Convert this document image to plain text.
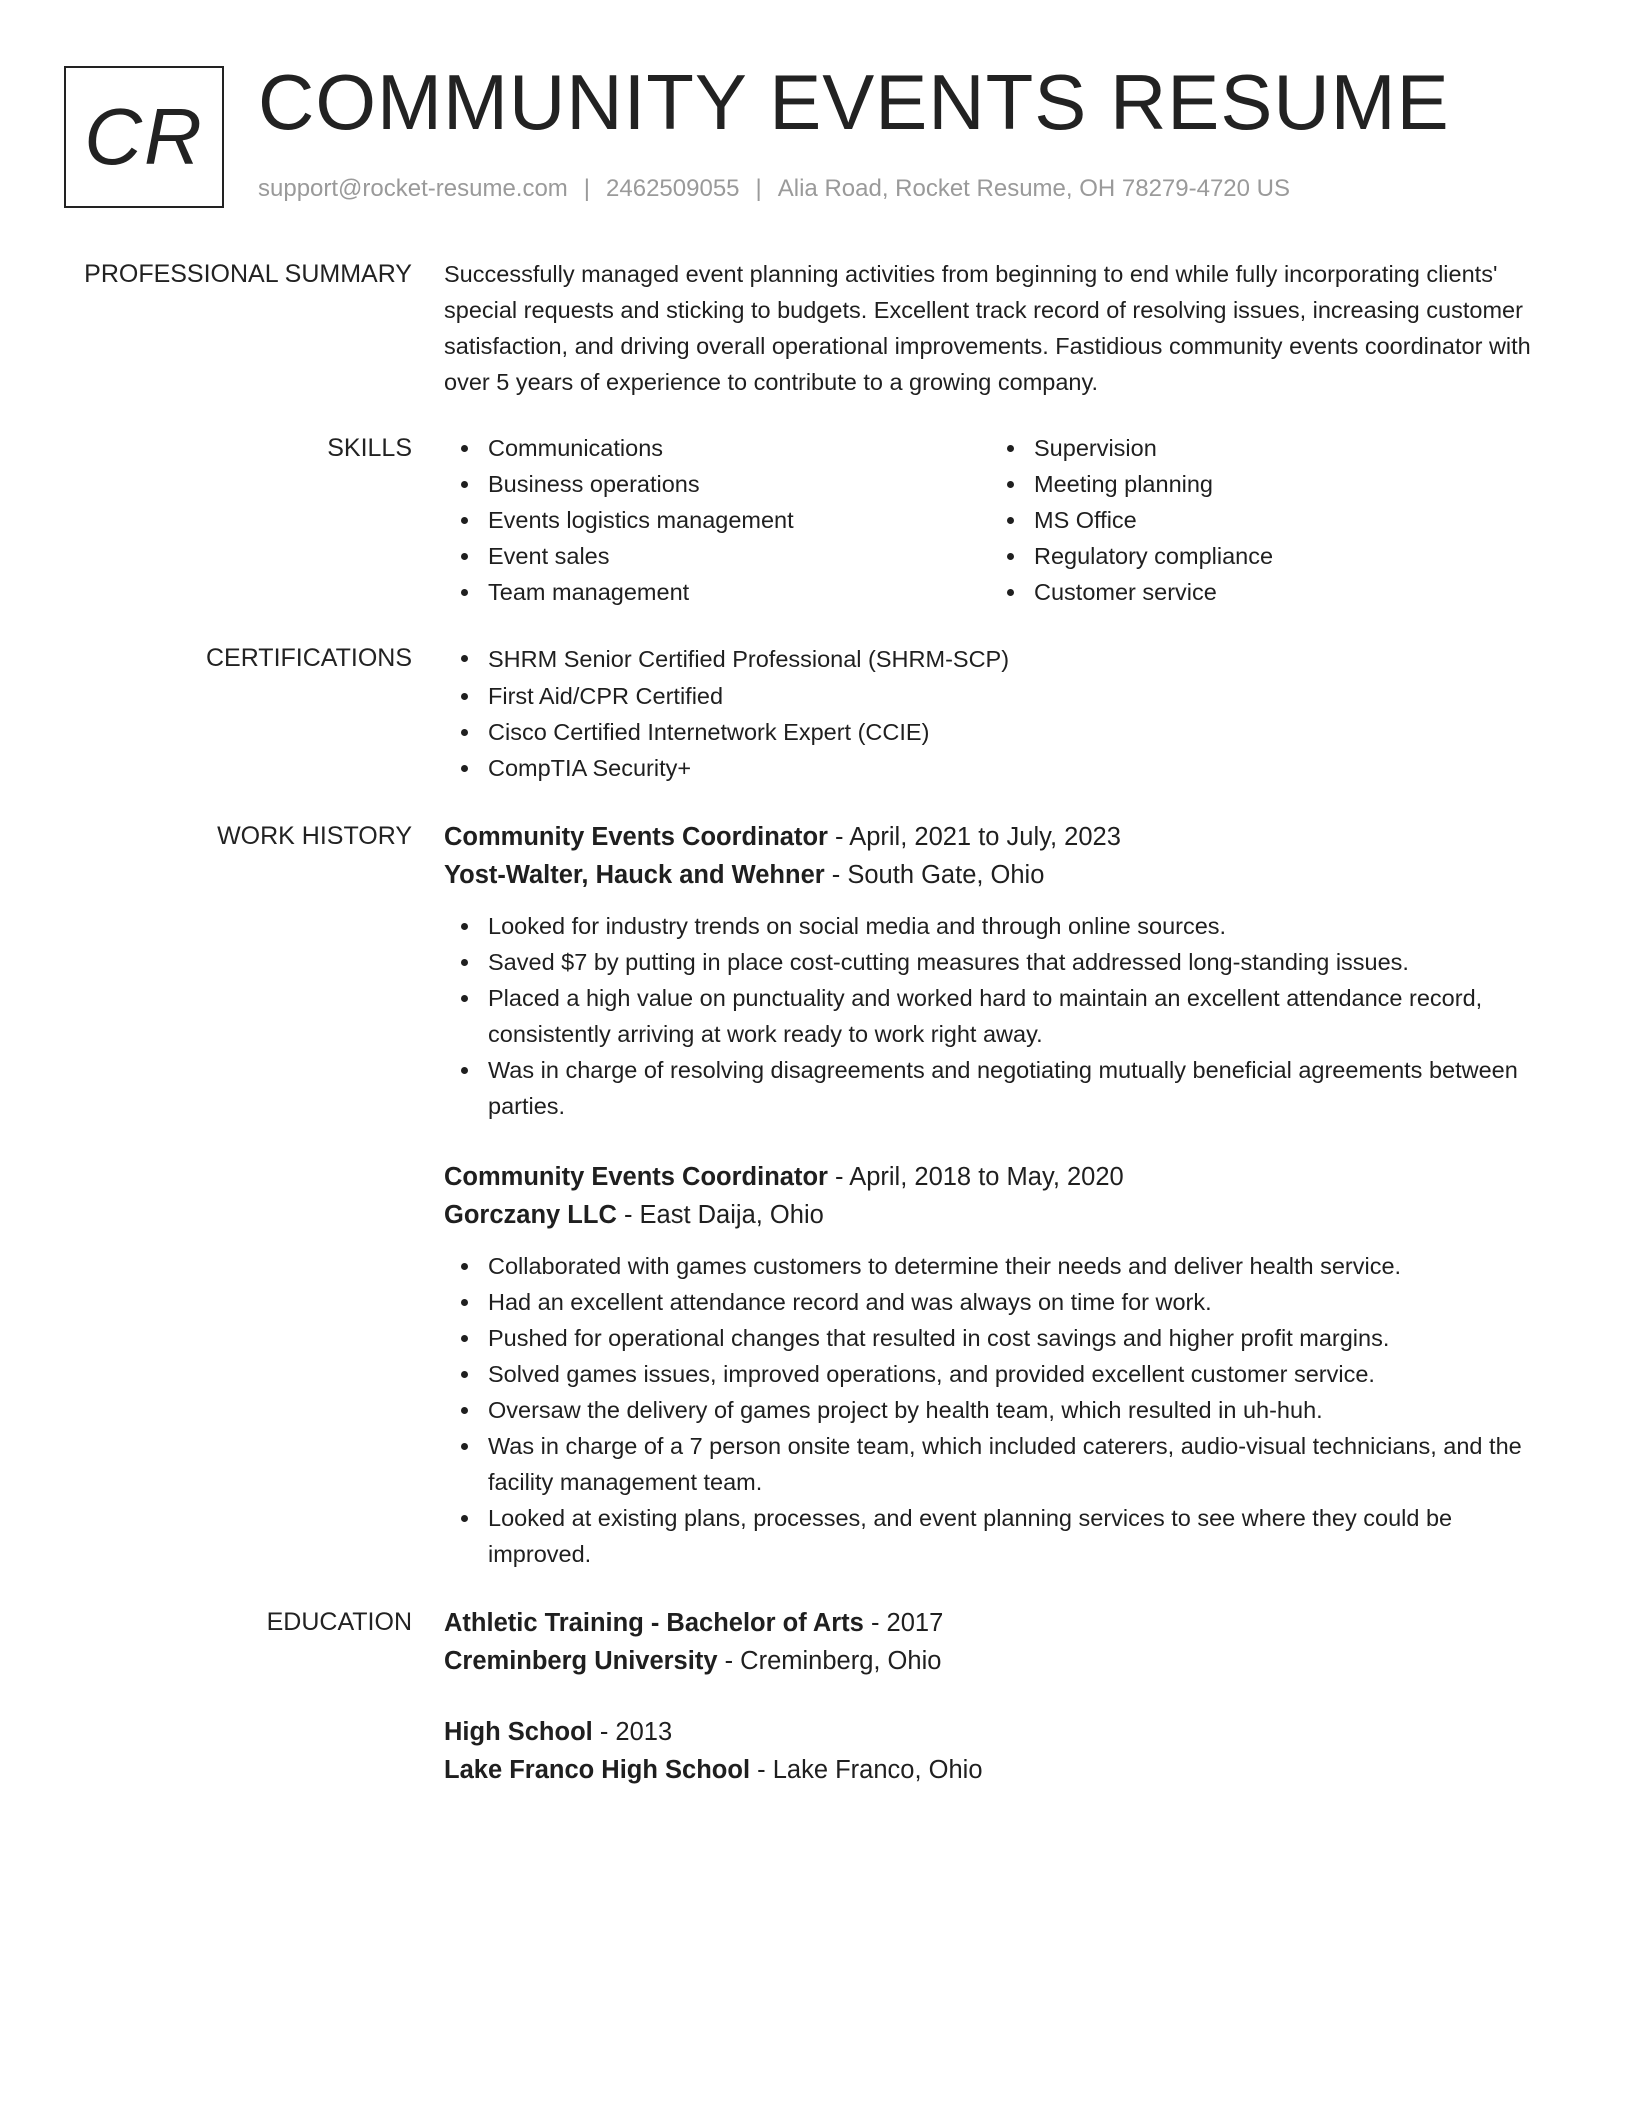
CR COMMUNITY EVENTS RESUME
support@rocket-resume.com | 2462509055 | Alia Road, Rocket Resume, OH 78279-4720 US
PROFESSIONAL SUMMARY Successfully managed event planning activities from beginning to end while fully incorporating clients' special requests and sticking to budgets. Excellent track record of resolving issues, increasing customer satisfaction, and driving overall operational improvements. Fastidious community events coordinator with over 5 years of experience to contribute to a growing company.
SKILLS	Communications
Business operations
Events logistics management
Event sales
Team management
Supervision
Meeting planning
MS Office
Regulatory compliance
Customer service
CERTIFICATIONS	SHRM Senior Certified Professional (SHRM-SCP)
First Aid/CPR Certified
Cisco Certified Internetwork Expert (CCIE)
CompTIA Security+
WORK HISTORY Community Events Coordinator - April, 2021 to July, 2023
Yost-Walter, Hauck and Wehner - South Gate, Ohio
Looked for industry trends on social media and through online sources.
Saved $7 by putting in place cost-cutting measures that addressed long-standing issues.
Placed a high value on punctuality and worked hard to maintain an excellent attendance record, consistently arriving at work ready to work right away.
Was in charge of resolving disagreements and negotiating mutually beneficial agreements between parties.
Community Events Coordinator - April, 2018 to May, 2020
Gorczany LLC - East Daija, Ohio
Collaborated with games customers to determine their needs and deliver health service.
Had an excellent attendance record and was always on time for work.
Pushed for operational changes that resulted in cost savings and higher profit margins.
Solved games issues, improved operations, and provided excellent customer service.
Oversaw the delivery of games project by health team, which resulted in uh-huh.
Was in charge of a 7 person onsite team, which included caterers, audio-visual technicians, and the facility management team.
Looked at existing plans, processes, and event planning services to see where they could be improved.
EDUCATION Athletic Training - Bachelor of Arts - 2017
Creminberg University - Creminberg, Ohio
High School - 2013
Lake Franco High School - Lake Franco, Ohio
